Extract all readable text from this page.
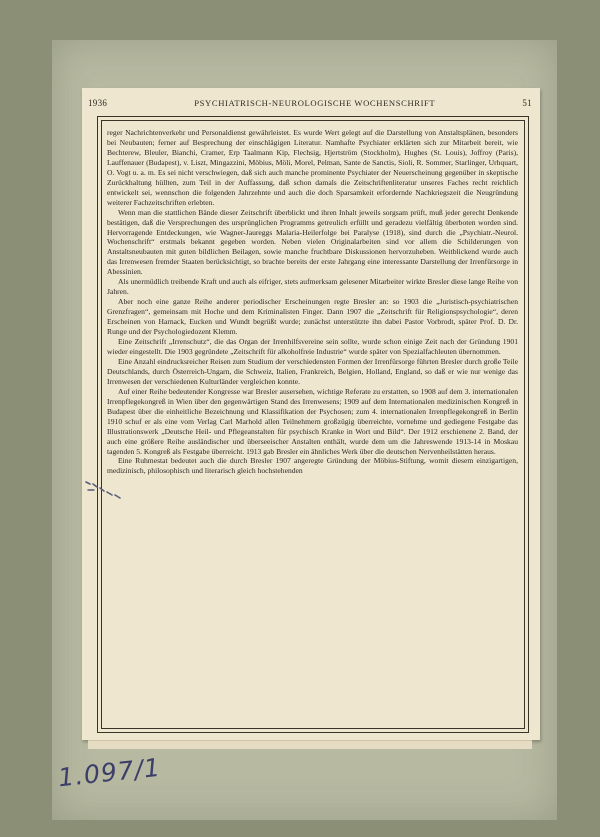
1936	PSYCHIATRISCH-NEUROLOGISCHE WOCHENSCHRIFT	51

reger Nachrichtenverkehr und Personaldienst gewährleistet. Es wurde Wert gelegt auf die Darstellung von Anstaltsplänen, besonders bei Neubauten; ferner auf Besprechung der einschlägigen Literatur. Namhafte Psychiater erklärten sich zur Mitarbeit bereit, wie Bechterew, Bleuler, Bianchi, Cramer, Erp Taalmann Kip, Flechsig, Hjertström (Stockholm), Hughes (St. Louis), Joffroy (Paris), Lauffenauer (Budapest), v. Liszt, Mingazzini, Möbius, Möli, Morel, Pelman, Sante de Sanctis, Sioli, R. Sommer, Starlinger, Urhquart, O. Vogt u. a. m. Es sei nicht verschwiegen, daß sich auch manche prominente Psychiater der Neuerscheinung gegenüber in skeptische Zurückhaltung hüllten, zum Teil in der Auffassung, daß schon damals die Zeitschriftenliteratur unseres Faches recht reichlich entwickelt sei, wennschon die folgenden Jahrzehnte und auch die doch Sparsamkeit erfordernde Nachkriegszeit die Neugründung weiterer Fachzeitschriften erlebten.

Wenn man die stattlichen Bände dieser Zeitschrift überblickt und ihren Inhalt jeweils sorgsam prüft, muß jeder gerecht Denkende bestätigen, daß die Versprechungen des ursprünglichen Programms getreulich erfüllt und geradezu vielfältig überboten worden sind. Hervorragende Entdeckungen, wie Wagner-Jaureggs Malaria-Heilerfolge bei Paralyse (1918), sind durch die „Psychiatr.-Neurol. Wochenschrift“ erstmals bekannt gegeben worden. Neben vielen Originalarbeiten sind vor allem die Schilderungen von Anstaltsneubauten mit guten bildlichen Beilagen, sowie manche fruchtbare Diskussionen hervorzuheben. Weitblickend wurde auch das Irrenwesen fremder Staaten berücksichtigt, so brachte bereits der erste Jahrgang eine interessante Darstellung der Irrenfürsorge in Abessinien.

Als unermüdlich treibende Kraft und auch als eifriger, stets aufmerksam gelesener Mitarbeiter wirkte Bresler diese lange Reihe von Jahren.

Aber noch eine ganze Reihe anderer periodischer Erscheinungen regte Bresler an: so 1903 die „Juristisch-psychiatrischen Grenzfragen“, gemeinsam mit Hoche und dem Kriminalisten Finger. Dann 1907 die „Zeitschrift für Religionspsychologie“, deren Erscheinen von Harnack, Eucken und Wundt begrüßt wurde; zunächst unterstützte ihn dabei Pastor Vorbrodt, später Prof. D. Dr. Runge und der Psychologiedozent Klemm.

Eine Zeitschrift „Irrenschutz“, die das Organ der Irrenhilfsvereine sein sollte, wurde schon einige Zeit nach der Gründung 1901 wieder eingestellt. Die 1903 gegründete „Zeitschrift für alkoholfreie Industrie“ wurde später von Spezialfachleuten übernommen.

Eine Anzahl eindrucksreicher Reisen zum Studium der verschiedensten Formen der Irrenfürsorge führten Bresler durch große Teile Deutschlands, durch Österreich-Ungarn, die Schweiz, Italien, Frankreich, Belgien, Holland, England, so daß er wie nur wenige das Irrenwesen der verschiedenen Kulturländer vergleichen konnte.

Auf einer Reihe bedeutender Kongresse war Bresler ausersehen, wichtige Referate zu erstatten, so 1908 auf dem 3. internationalen Irrenpflegekongreß in Wien über den gegenwärtigen Stand des Irrenwesens; 1909 auf dem Internationalen medizinischen Kongreß in Budapest über die einheitliche Bezeichnung und Klassifikation der Psychosen; zum 4. internationalen Irrenpflegekongreß in Berlin 1910 schuf er als eine vom Verlag Carl Marhold allen Teilnehmern großzügig überreichte, vornehme und gediegene Festgabe das Illustrationswerk „Deutsche Heil- und Pflegeanstalten für psychisch Kranke in Wort und Bild“. Der 1912 erschienene 2. Band, der auch eine größere Reihe ausländischer und überseeischer Anstalten enthält, wurde dem um die Jahreswende 1913-14 in Moskau tagenden 5. Kongreß als Festgabe überreicht. 1913 gab Bresler ein ähnliches Werk über die deutschen Nervenheilstätten heraus.

Eine Ruhmestat bedeutet auch die durch Bresler 1907 angeregte Gründung der Möbius-Stiftung, womit diesem einzigartigen, medizinisch, philosophisch und literarisch gleich hochstehenden

1.097/1
